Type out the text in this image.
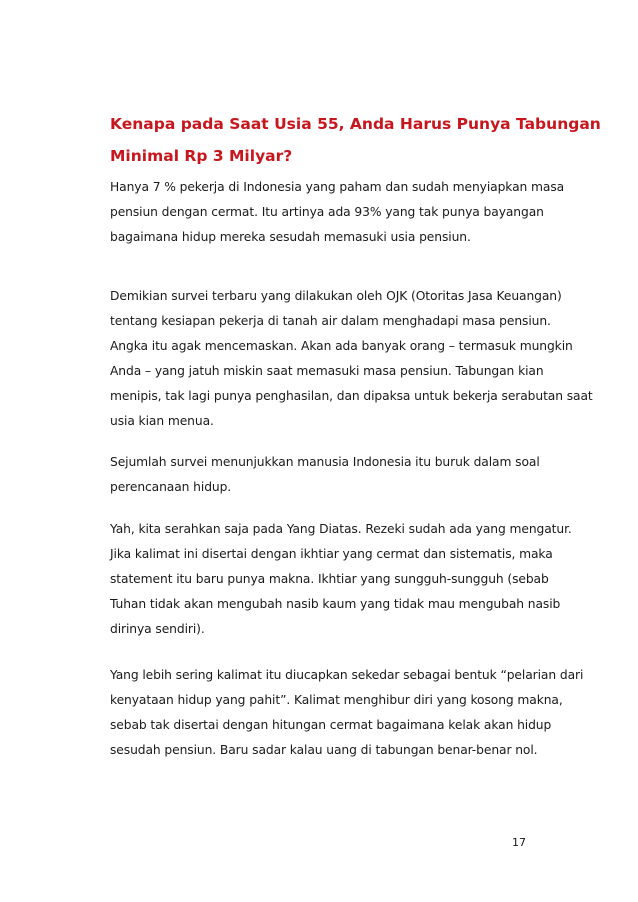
Kenapa pada Saat Usia 55, Anda Harus Punya Tabungan
Minimal Rp 3 Milyar?

Hanya 7 % pekerja di Indonesia yang paham dan sudah menyiapkan masa
pensiun dengan cermat. Itu artinya ada 93% yang tak punya bayangan
bagaimana hidup mereka sesudah memasuki usia pensiun.

Demikian survei terbaru yang dilakukan oleh OJK (Otoritas Jasa Keuangan)
tentang kesiapan pekerja di tanah air dalam menghadapi masa pensiun.
Angka itu agak mencemaskan. Akan ada banyak orang – termasuk mungkin
Anda – yang jatuh miskin saat memasuki masa pensiun. Tabungan kian
menipis, tak lagi punya penghasilan, dan dipaksa untuk bekerja serabutan saat
usia kian menua.

Sejumlah survei menunjukkan manusia Indonesia itu buruk dalam soal
perencanaan hidup.

Yah, kita serahkan saja pada Yang Diatas. Rezeki sudah ada yang mengatur.
Jika kalimat ini disertai dengan ikhtiar yang cermat dan sistematis, maka
statement itu baru punya makna. Ikhtiar yang sungguh-sungguh (sebab
Tuhan tidak akan mengubah nasib kaum yang tidak mau mengubah nasib
dirinya sendiri).

Yang lebih sering kalimat itu diucapkan sekedar sebagai bentuk “pelarian dari
kenyataan hidup yang pahit”. Kalimat menghibur diri yang kosong makna,
sebab tak disertai dengan hitungan cermat bagaimana kelak akan hidup
sesudah pensiun. Baru sadar kalau uang di tabungan benar-benar nol.

17
